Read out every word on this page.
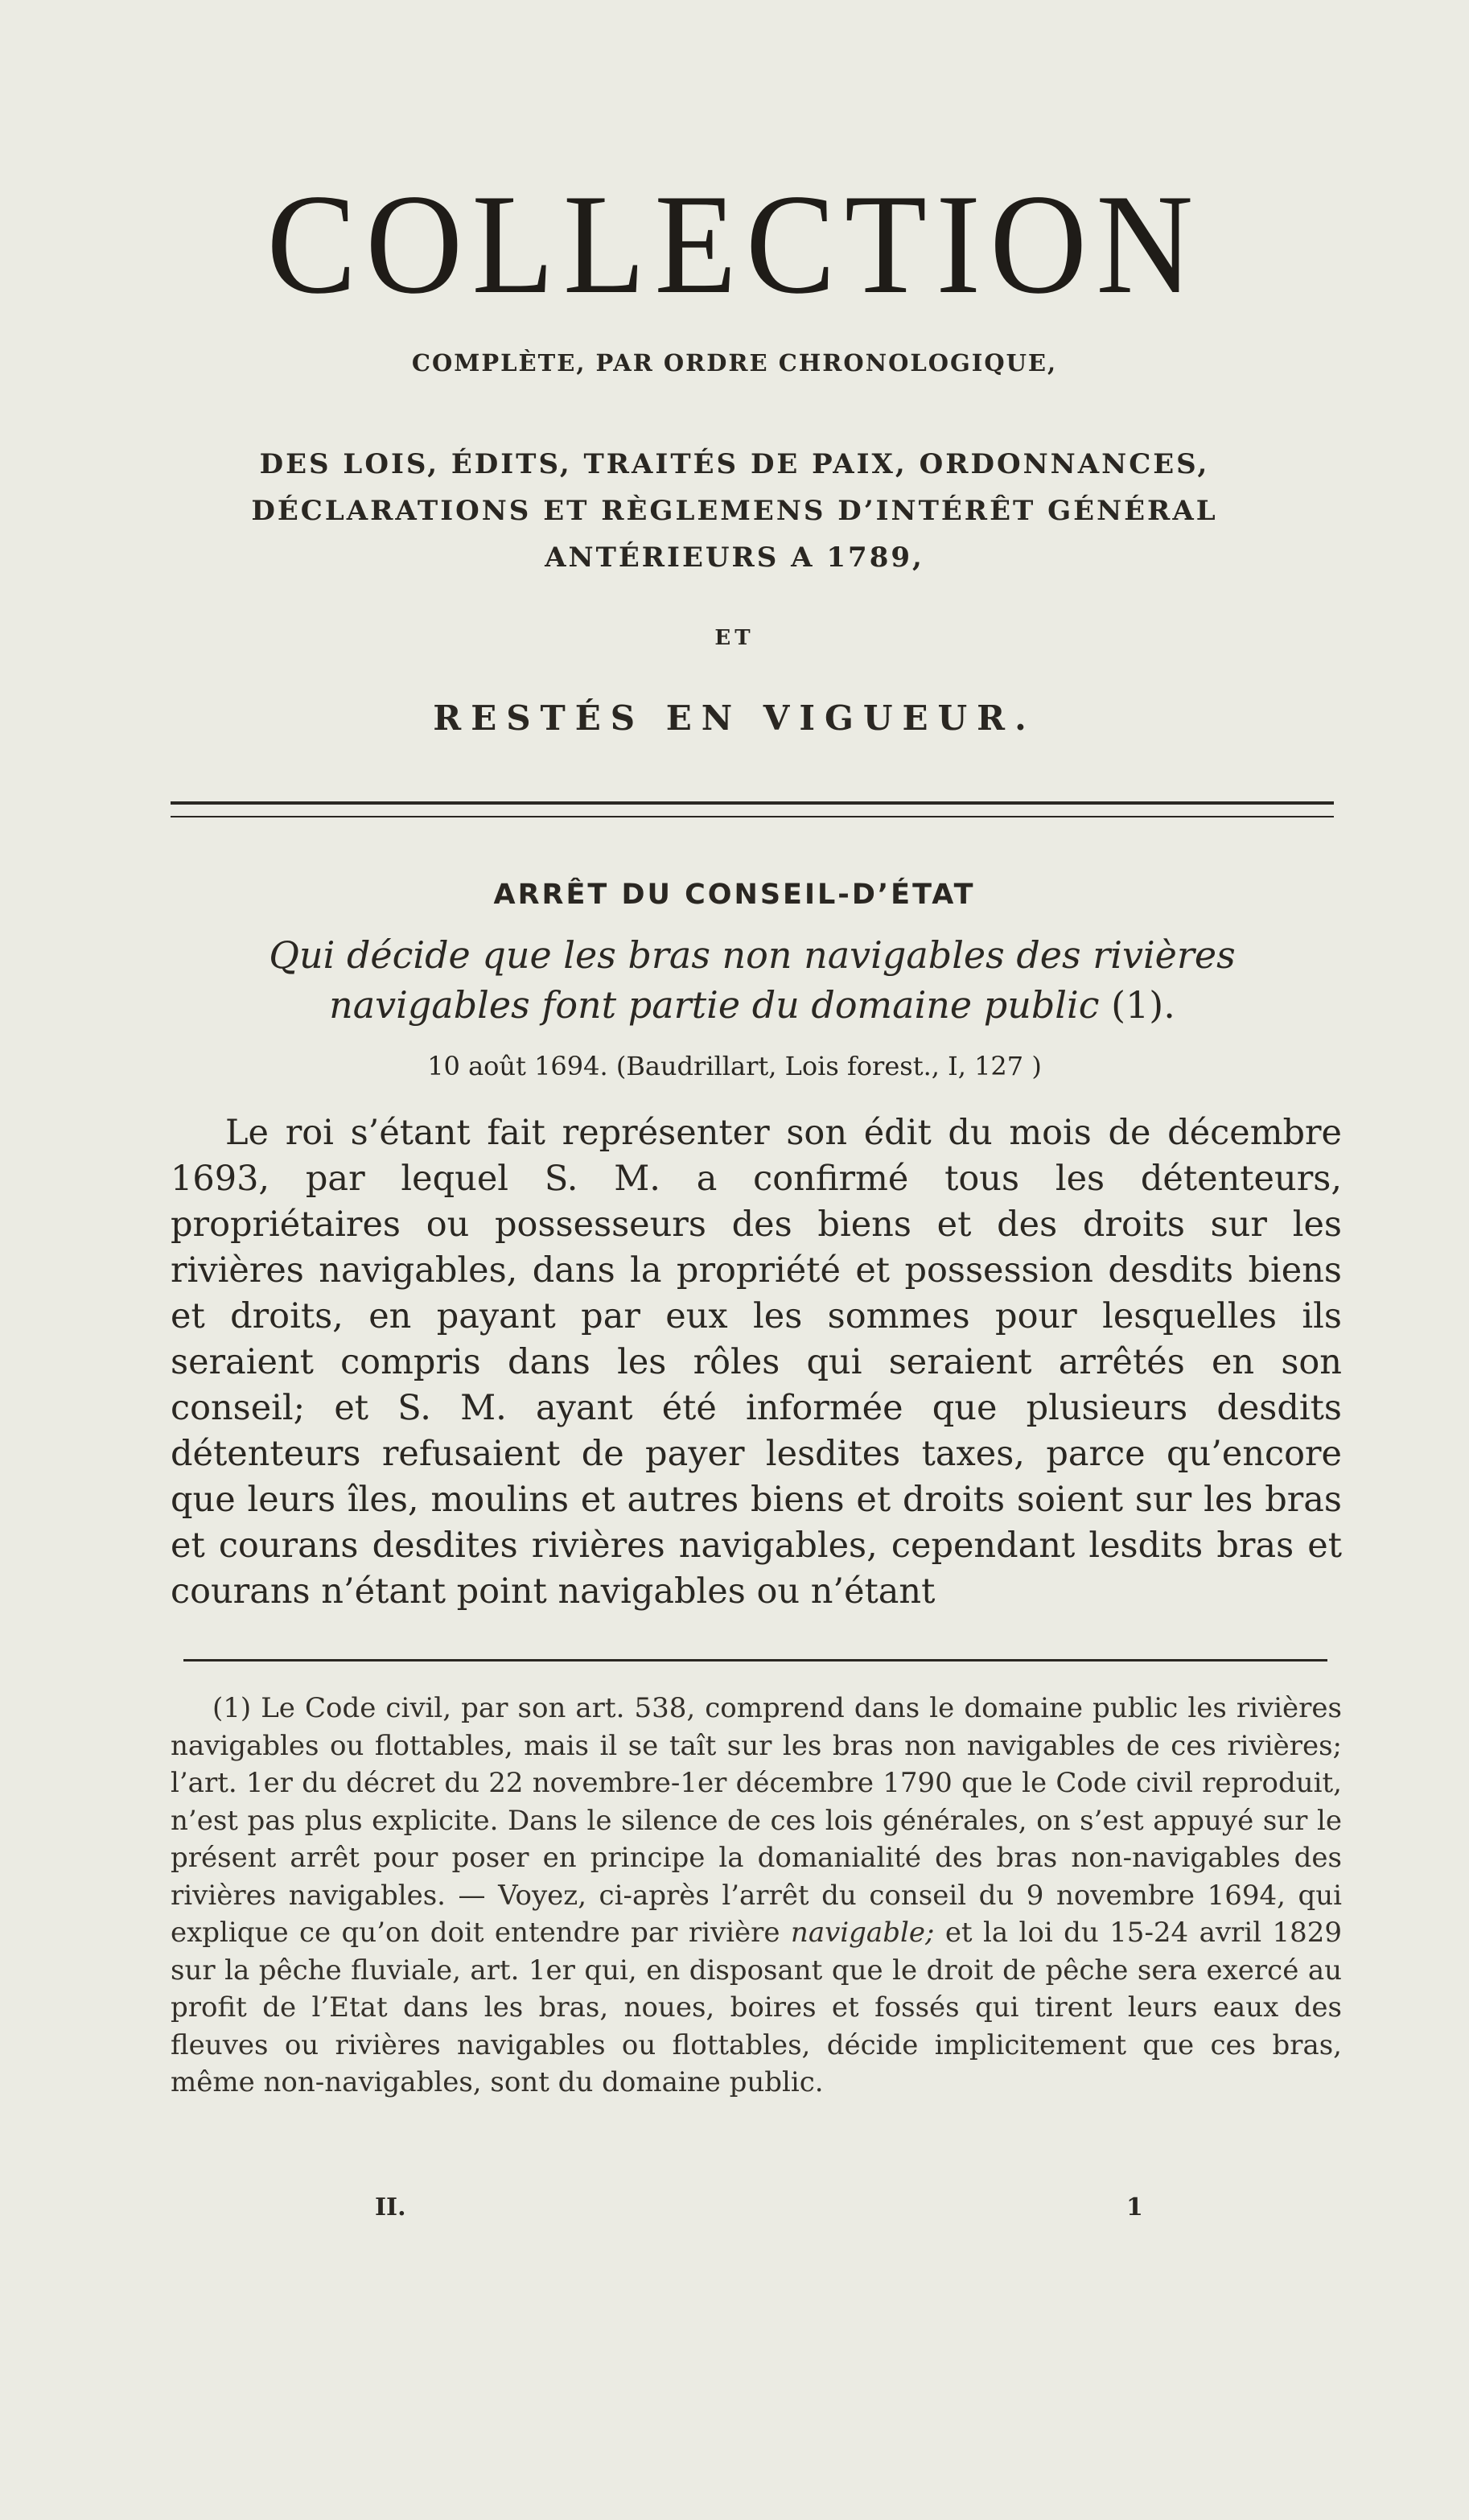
COLLECTION
COMPLÈTE, PAR ORDRE CHRONOLOGIQUE,
DES LOIS, ÉDITS, TRAITÉS DE PAIX, ORDONNANCES,
DÉCLARATIONS ET RÈGLEMENS D’INTÉRÊT GÉNÉRAL
ANTÉRIEURS A 1789,
ET
RESTÉS EN VIGUEUR.
ARRÊT DU CONSEIL-D’ÉTAT
Qui décide que les bras non navigables des rivières navigables font partie du domaine public (1).
10 août 1694. (Baudrillart, Lois forest., I, 127 )

Le roi s’étant fait représenter son édit du mois de décembre 1693, par lequel S. M. a confirmé tous les détenteurs, propriétaires ou possesseurs des biens et des droits sur les rivières navigables, dans la propriété et possession desdits biens et droits, en payant par eux les sommes pour lesquelles ils seraient compris dans les rôles qui seraient arrêtés en son conseil; et S. M. ayant été informée que plusieurs desdits détenteurs refusaient de payer lesdites taxes, parce qu’encore que leurs îles, moulins et autres biens et droits soient sur les bras et courans desdites rivières navigables, cependant lesdits bras et courans n’étant point navigables ou n’étant

(1) Le Code civil, par son art. 538, comprend dans le domaine public les rivières navigables ou flottables, mais il se taît sur les bras non navigables de ces rivières; l’art. 1er du décret du 22 novembre-1er décembre 1790 que le Code civil reproduit, n’est pas plus explicite. Dans le silence de ces lois générales, on s’est appuyé sur le présent arrêt pour poser en principe la domanialité des bras non-navigables des rivières navigables. — Voyez, ci-après l’arrêt du conseil du 9 novembre 1694, qui explique ce qu’on doit entendre par rivière navigable; et la loi du 15-24 avril 1829 sur la pêche fluviale, art. 1er qui, en disposant que le droit de pêche sera exercé au profit de l’Etat dans les bras, noues, boires et fossés qui tirent leurs eaux des fleuves ou rivières navigables ou flottables, décide implicitement que ces bras, même non-navigables, sont du domaine public.

II.	1
